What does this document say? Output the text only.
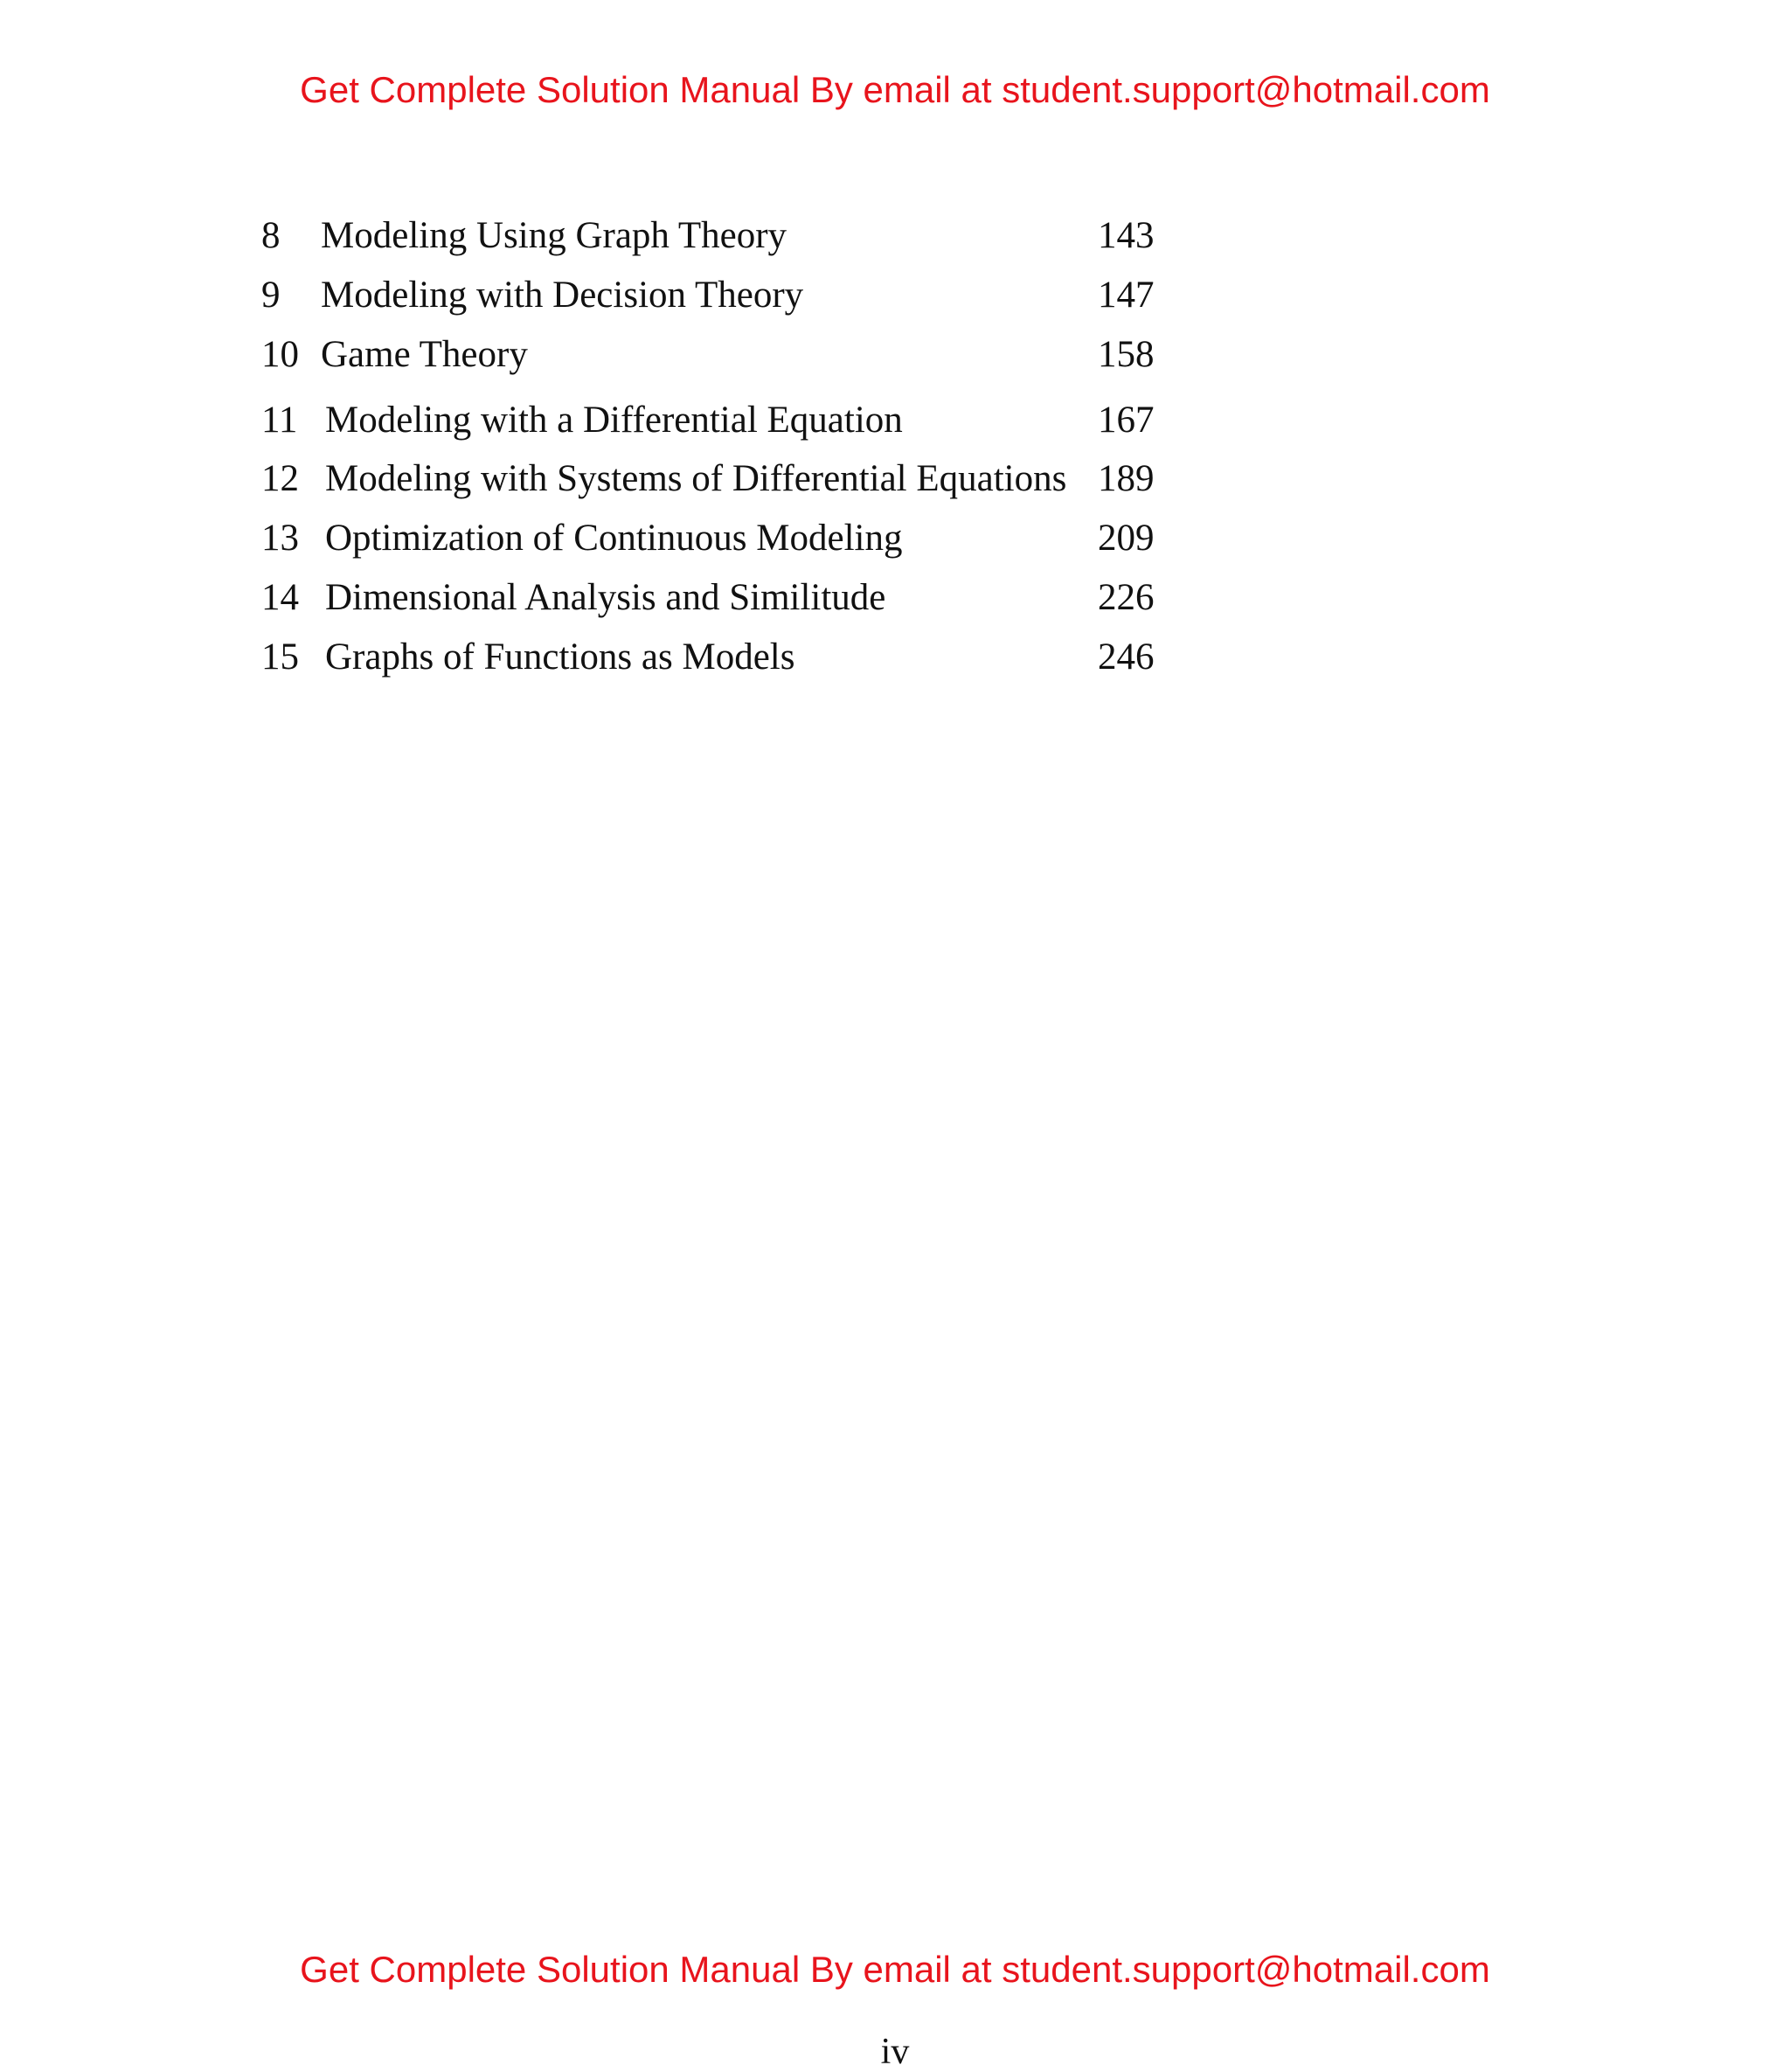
Get Complete Solution Manual By email at student.support@hotmail.com
8 Modeling Using Graph Theory	143
9 Modeling with Decision Theory	147
10 Game Theory	158
11 Modeling with a Differential Equation	167
12 Modeling with Systems of Differential Equations 189
13 Optimization of Continuous Modeling	209
14 Dimensional Analysis and Similitude	226
15 Graphs of Functions as Models	246
Get Complete Solution Manual By email at student.support@hotmail.com
iv
